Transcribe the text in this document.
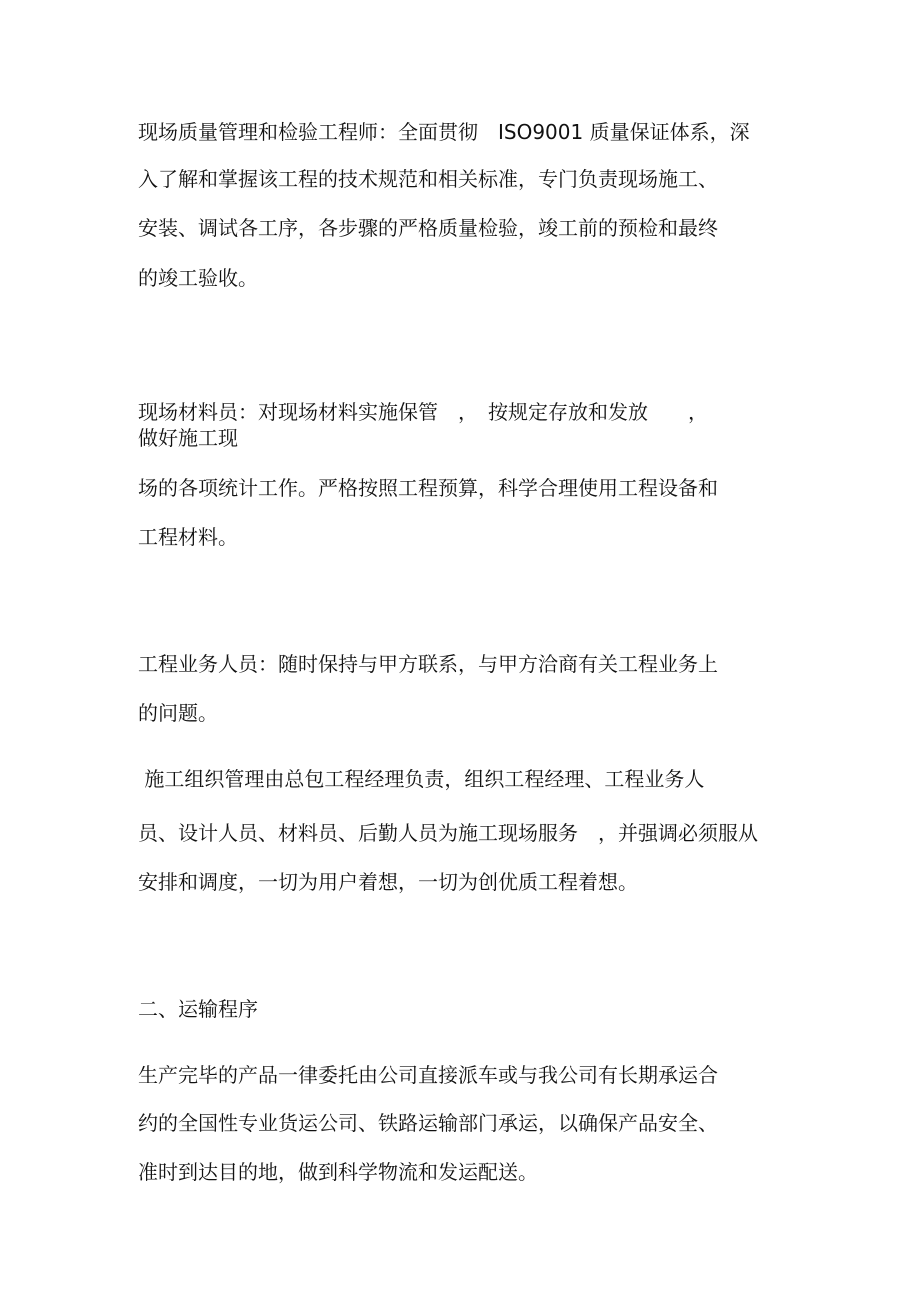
现场质量管理和检验工程师：全面贯彻　ISO9001 质量保证体系，深
入了解和掌握该工程的技术规范和相关标准，专门负责现场施工、
安装、调试各工序，各步骤的严格质量检验，竣工前的预检和最终
的竣工验收。
现场材料员：对现场材料实施保管　，　按规定存放和发放　　，
做好施工现
场的各项统计工作。严格按照工程预算，科学合理使用工程设备和
工程材料。
工程业务人员：随时保持与甲方联系，与甲方洽商有关工程业务上
的问题。
施工组织管理由总包工程经理负责，组织工程经理、工程业务人
员、设计人员、材料员、后勤人员为施工现场服务　，并强调必须服从
安排和调度，一切为用户着想，一切为创优质工程着想。
二、运输程序
生产完毕的产品一律委托由公司直接派车或与我公司有长期承运合
约的全国性专业货运公司、铁路运输部门承运，以确保产品安全、
准时到达目的地，做到科学物流和发运配送。
